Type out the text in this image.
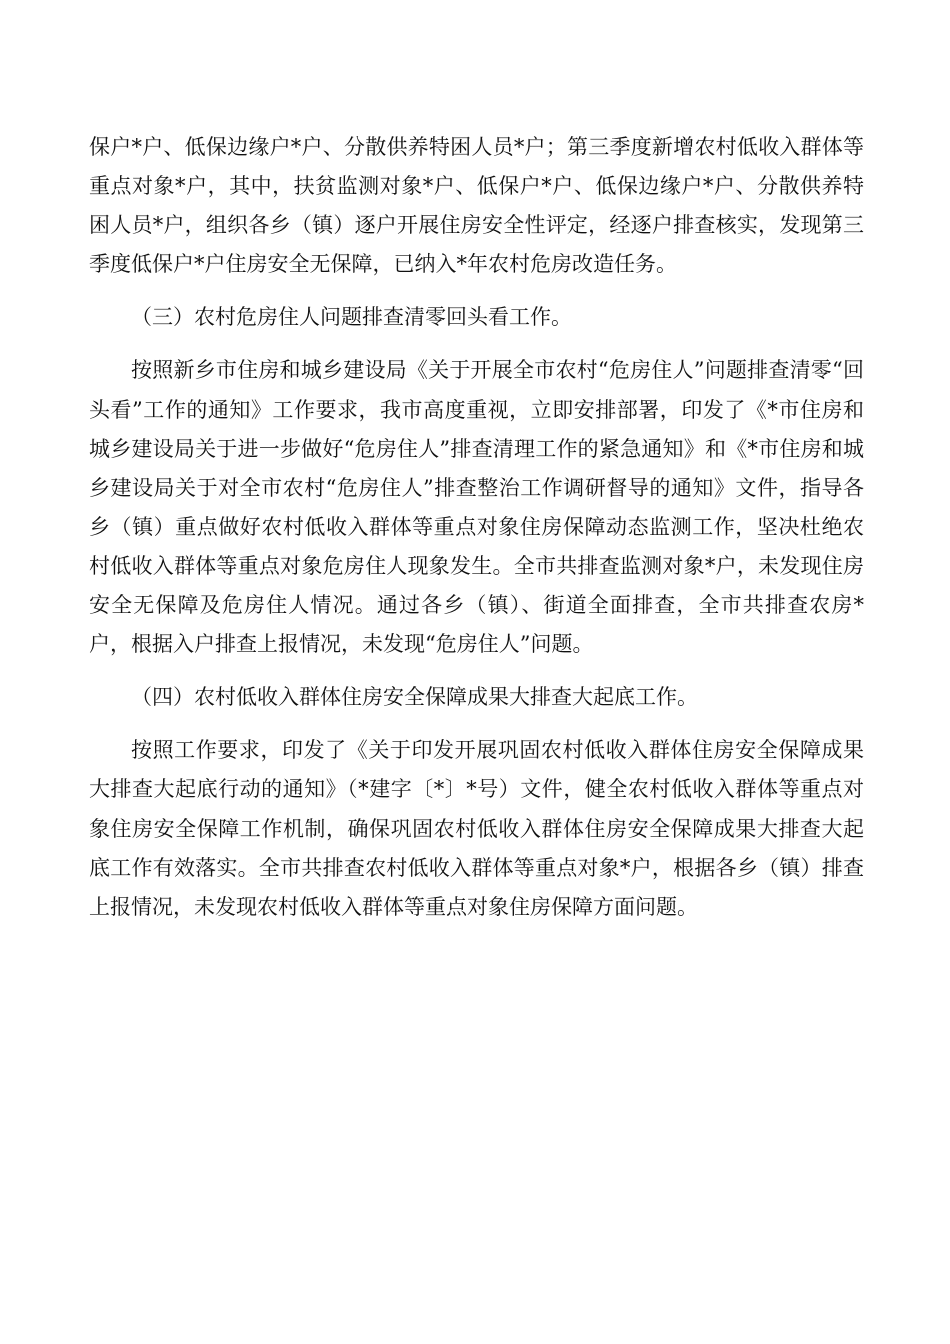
保户*户、低保边缘户*户、分散供养特困人员*户；第三季度新增农村低收入群体等重点对象*户，其中，扶贫监测对象*户、低保户*户、低保边缘户*户、分散供养特困人员*户，组织各乡（镇）逐户开展住房安全性评定，经逐户排查核实，发现第三季度低保户*户住房安全无保障，已纳入*年农村危房改造任务。

（三）农村危房住人问题排查清零回头看工作。

按照新乡市住房和城乡建设局《关于开展全市农村“危房住人”问题排查清零“回头看”工作的通知》工作要求，我市高度重视，立即安排部署，印发了《*市住房和城乡建设局关于进一步做好“危房住人”排查清理工作的紧急通知》和《*市住房和城乡建设局关于对全市农村“危房住人”排查整治工作调研督导的通知》文件，指导各乡（镇）重点做好农村低收入群体等重点对象住房保障动态监测工作，坚决杜绝农村低收入群体等重点对象危房住人现象发生。全市共排查监测对象*户，未发现住房安全无保障及危房住人情况。通过各乡（镇）、街道全面排查，全市共排查农房*户，根据入户排查上报情况，未发现“危房住人”问题。

（四）农村低收入群体住房安全保障成果大排查大起底工作。

按照工作要求，印发了《关于印发开展巩固农村低收入群体住房安全保障成果大排查大起底行动的通知》（*建字〔*〕*号）文件，健全农村低收入群体等重点对象住房安全保障工作机制，确保巩固农村低收入群体住房安全保障成果大排查大起底工作有效落实。全市共排查农村低收入群体等重点对象*户，根据各乡（镇）排查上报情况，未发现农村低收入群体等重点对象住房保障方面问题。
